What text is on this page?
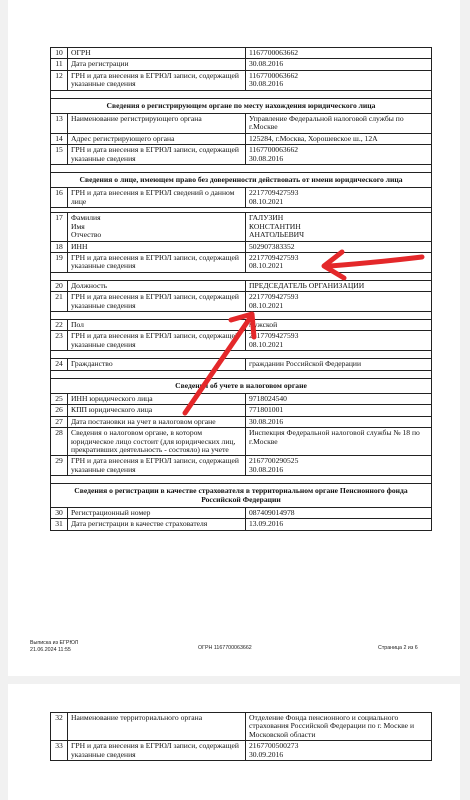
10	ОГРН	1167700063662
11	Дата регистрации	30.08.2016
12	ГРН и дата внесения в ЕГРЮЛ записи, содержащей указанные сведения	1167700063662
30.08.2016

Сведения о регистрирующем органе по месту нахождения юридического лица		
13	Наименование регистрирующего органа	Управление Федеральной налоговой службы по г.Москве
14	Адрес регистрирующего органа	125284, г.Москва, Хорошевское ш., 12А
15	ГРН и дата внесения в ЕГРЮЛ записи, содержащей указанные сведения	1167700063662
30.08.2016

Сведения о лице, имеющем право без доверенности действовать от имени юридического лица		
16	ГРН и дата внесения в ЕГРЮЛ сведений о данном лице	2217709427593
08.10.2021

17	Фамилия
Имя
Отчество	ГАЛУЗИН
КОНСТАНТИН
АНАТОЛЬЕВИЧ
18	ИНН	502907383352
19	ГРН и дата внесения в ЕГРЮЛ записи, содержащей указанные сведения	2217709427593
08.10.2021

20	Должность	ПРЕДСЕДАТЕЛЬ ОРГАНИЗАЦИИ
21	ГРН и дата внесения в ЕГРЮЛ записи, содержащей указанные сведения	2217709427593
08.10.2021

22	Пол	мужской
23	ГРН и дата внесения в ЕГРЮЛ записи, содержащей указанные сведения	2217709427593
08.10.2021

24	Гражданство	гражданин Российской Федерации

Сведения об учете в налоговом органе		
25	ИНН юридического лица	9718024540
26	КПП юридического лица	771801001
27	Дата постановки на учет в налоговом органе	30.08.2016
28	Сведения о налоговом органе, в котором юридическое лицо состоит (для юридических лиц, прекративших деятельность - состояло) на учете	Инспекция Федеральной налоговой службы № 18 по г.Москве
29	ГРН и дата внесения в ЕГРЮЛ записи, содержащей указанные сведения	2167700290525
30.08.2016

Сведения о регистрации в качестве страхователя в территориальном органе Пенсионного фонда Российской Федерации		
30	Регистрационный номер	087409014978
31	Дата регистрации в качестве страхователя	13.09.2016
Выписка из ЕГРЮЛ
21.06.2024 11:55	ОГРН 1167700063662	Страница 2 из 6
32	Наименование территориального органа	Отделение Фонда пенсионного и социального страхования Российской Федерации по г. Москве и Московской области
33	ГРН и дата внесения в ЕГРЮЛ записи, содержащей указанные сведения	2167700500273
30.09.2016
